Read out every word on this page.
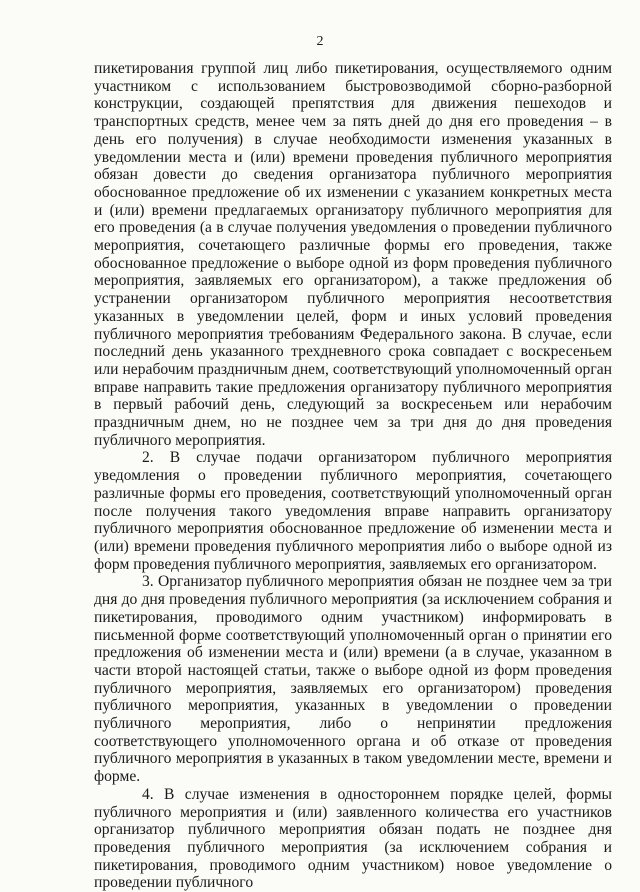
2

пикетирования группой лиц либо пикетирования, осуществляемого одним участником с использованием быстровозводимой сборно-разборной конструкции, создающей препятствия для движения пешеходов и транспортных средств, менее чем за пять дней до дня его проведения – в день его получения) в случае необходимости изменения указанных в уведомлении места и (или) времени проведения публичного мероприятия обязан довести до сведения организатора публичного мероприятия обоснованное предложение об их изменении с указанием конкретных места и (или) времени предлагаемых организатору публичного мероприятия для его проведения (а в случае получения уведомления о проведении публичного мероприятия, сочетающего различные формы его проведения, также обоснованное предложение о выборе одной из форм проведения публичного мероприятия, заявляемых его организатором), а также предложения об устранении организатором публичного мероприятия несоответствия указанных в уведомлении целей, форм и иных условий проведения публичного мероприятия требованиям Федерального закона. В случае, если последний день указанного трехдневного срока совпадает с воскресеньем или нерабочим праздничным днем, соответствующий уполномоченный орган вправе направить такие предложения организатору публичного мероприятия в первый рабочий день, следующий за воскресеньем или нерабочим праздничным днем, но не позднее чем за три дня до дня проведения публичного мероприятия.

2. В случае подачи организатором публичного мероприятия уведомления о проведении публичного мероприятия, сочетающего различные формы его проведения, соответствующий уполномоченный орган после получения такого уведомления вправе направить организатору публичного мероприятия обоснованное предложение об изменении места и (или) времени проведения публичного мероприятия либо о выборе одной из форм проведения публичного мероприятия, заявляемых его организатором.

3. Организатор публичного мероприятия обязан не позднее чем за три дня до дня проведения публичного мероприятия (за исключением собрания и пикетирования, проводимого одним участником) информировать в письменной форме соответствующий уполномоченный орган о принятии его предложения об изменении места и (или) времени (а в случае, указанном в части второй настоящей статьи, также о выборе одной из форм проведения публичного мероприятия, заявляемых его организатором) проведения публичного мероприятия, указанных в уведомлении о проведении публичного мероприятия, либо о непринятии предложения соответствующего уполномоченного органа и об отказе от проведения публичного мероприятия в указанных в таком уведомлении месте, времени и форме.

4. В случае изменения в одностороннем порядке целей, формы публичного мероприятия и (или) заявленного количества его участников организатор публичного мероприятия обязан подать не позднее дня проведения публичного мероприятия (за исключением собрания и пикетирования, проводимого одним участником) новое уведомление о проведении публичного
